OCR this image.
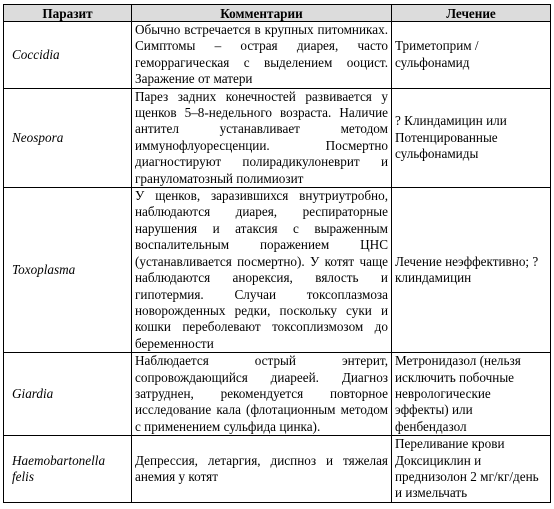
Паразит	Комментарии	Лечение
Coccidia	Обычно встречается в крупных питомниках. Симптомы – острая диарея, часто геморрагическая с выделением ооцист. Заражение от матери	Триметоприм / сульфонамид
Neospora	Парез задних конечностей развивается у щенков 5–8-недельного возраста. Наличие антител устанавливает методом иммунофлуоресценции. Посмертно диагностируют полирадикулоневрит и грануломатозный полимиозит	? Клиндамицин или Потенцированные сульфонамиды
Toxoplasma	У щенков, заразившихся внутриутробно, наблюдаются диарея, респираторные нарушения и атаксия с выраженным воспалительным поражением ЦНС (устанавливается посмертно). У котят чаще наблюдаются анорексия, вялость и гипотермия. Случаи токсоплазмоза новорожденных редки, поскольку суки и кошки переболевают токсоплизмозом до беременности	Лечение неэффективно; ? клиндамицин
Giardia	Наблюдается острый энтерит, сопровождающийся диареей. Диагноз затруднен, рекомендуется повторное исследование кала (флотационным методом с применением сульфида цинка).	Метронидазол (нельзя исключить побочные неврологические эффекты) или фенбендазол
Haemobartonella felis	Депрессия, летаргия, диспноз и тяжелая анемия у котят	Переливание крови Доксициклин и преднизолон 2 мг/кг/день и измельчать
